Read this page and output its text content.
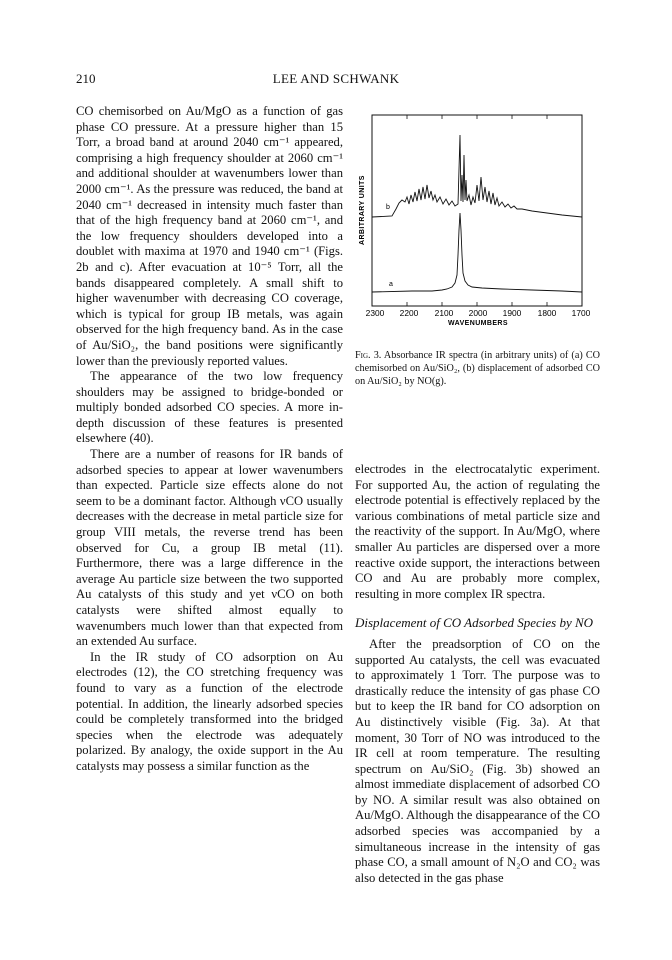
210	LEE AND SCHWANK

CO chemisorbed on Au/MgO as a function of gas phase CO pressure. At a pressure higher than 15 Torr, a broad band at around 2040 cm⁻¹ appeared, comprising a high frequency shoulder at 2060 cm⁻¹ and additional shoulder at wavenumbers lower than 2000 cm⁻¹. As the pressure was reduced, the band at 2040 cm⁻¹ decreased in intensity much faster than that of the high frequency band at 2060 cm⁻¹, and the low frequency shoulders developed into a doublet with maxima at 1970 and 1940 cm⁻¹ (Figs. 2b and c). After evacuation at 10⁻⁵ Torr, all the bands disappeared completely. A small shift to higher wavenumber with decreasing CO coverage, which is typical for group IB metals, was again observed for the high frequency band. As in the case of Au/SiO₂, the band positions were significantly lower than the previously reported values.

The appearance of the two low frequency shoulders may be assigned to bridge-bonded or multiply bonded adsorbed CO species. A more in-depth discussion of these features is presented elsewhere (40).

There are a number of reasons for IR bands of adsorbed species to appear at lower wavenumbers than expected. Particle size effects alone do not seem to be a dominant factor. Although νCO usually decreases with the decrease in metal particle size for group VIII metals, the reverse trend has been observed for Cu, a group IB metal (11). Furthermore, there was a large difference in the average Au particle size between the two supported Au catalysts of this study and yet νCO on both catalysts were shifted almost equally to wavenumbers much lower than that expected from an extended Au surface.

In the IR study of CO adsorption on Au electrodes (12), the CO stretching frequency was found to vary as a function of the electrode potential. In addition, the linearly adsorbed species could be completely transformed into the bridged species when the electrode was adequately polarized. By analogy, the oxide support in the Au catalysts may possess a similar function as the

b
a
ARBITRARY UNITS
2300 2200 2100 2000 1900 1800 1700
WAVENUMBERS
Fig. 3. Absorbance IR spectra (in arbitrary units) of (a) CO chemisorbed on Au/SiO₂, (b) displacement of adsorbed CO on Au/SiO₂ by NO(g).

electrodes in the electrocatalytic experiment. For supported Au, the action of regulating the electrode potential is effectively replaced by the various combinations of metal particle size and the reactivity of the support. In Au/MgO, where smaller Au particles are dispersed over a more reactive oxide support, the interactions between CO and Au are probably more complex, resulting in more complex IR spectra.

Displacement of CO Adsorbed Species by NO

After the preadsorption of CO on the supported Au catalysts, the cell was evacuated to approximately 1 Torr. The purpose was to drastically reduce the intensity of gas phase CO but to keep the IR band for CO adsorption on Au distinctively visible (Fig. 3a). At that moment, 30 Torr of NO was introduced to the IR cell at room temperature. The resulting spectrum on Au/SiO₂ (Fig. 3b) showed an almost immediate displacement of adsorbed CO by NO. A similar result was also obtained on Au/MgO. Although the disappearance of the CO adsorbed species was accompanied by a simultaneous increase in the intensity of gas phase CO, a small amount of N₂O and CO₂ was also detected in the gas phase
